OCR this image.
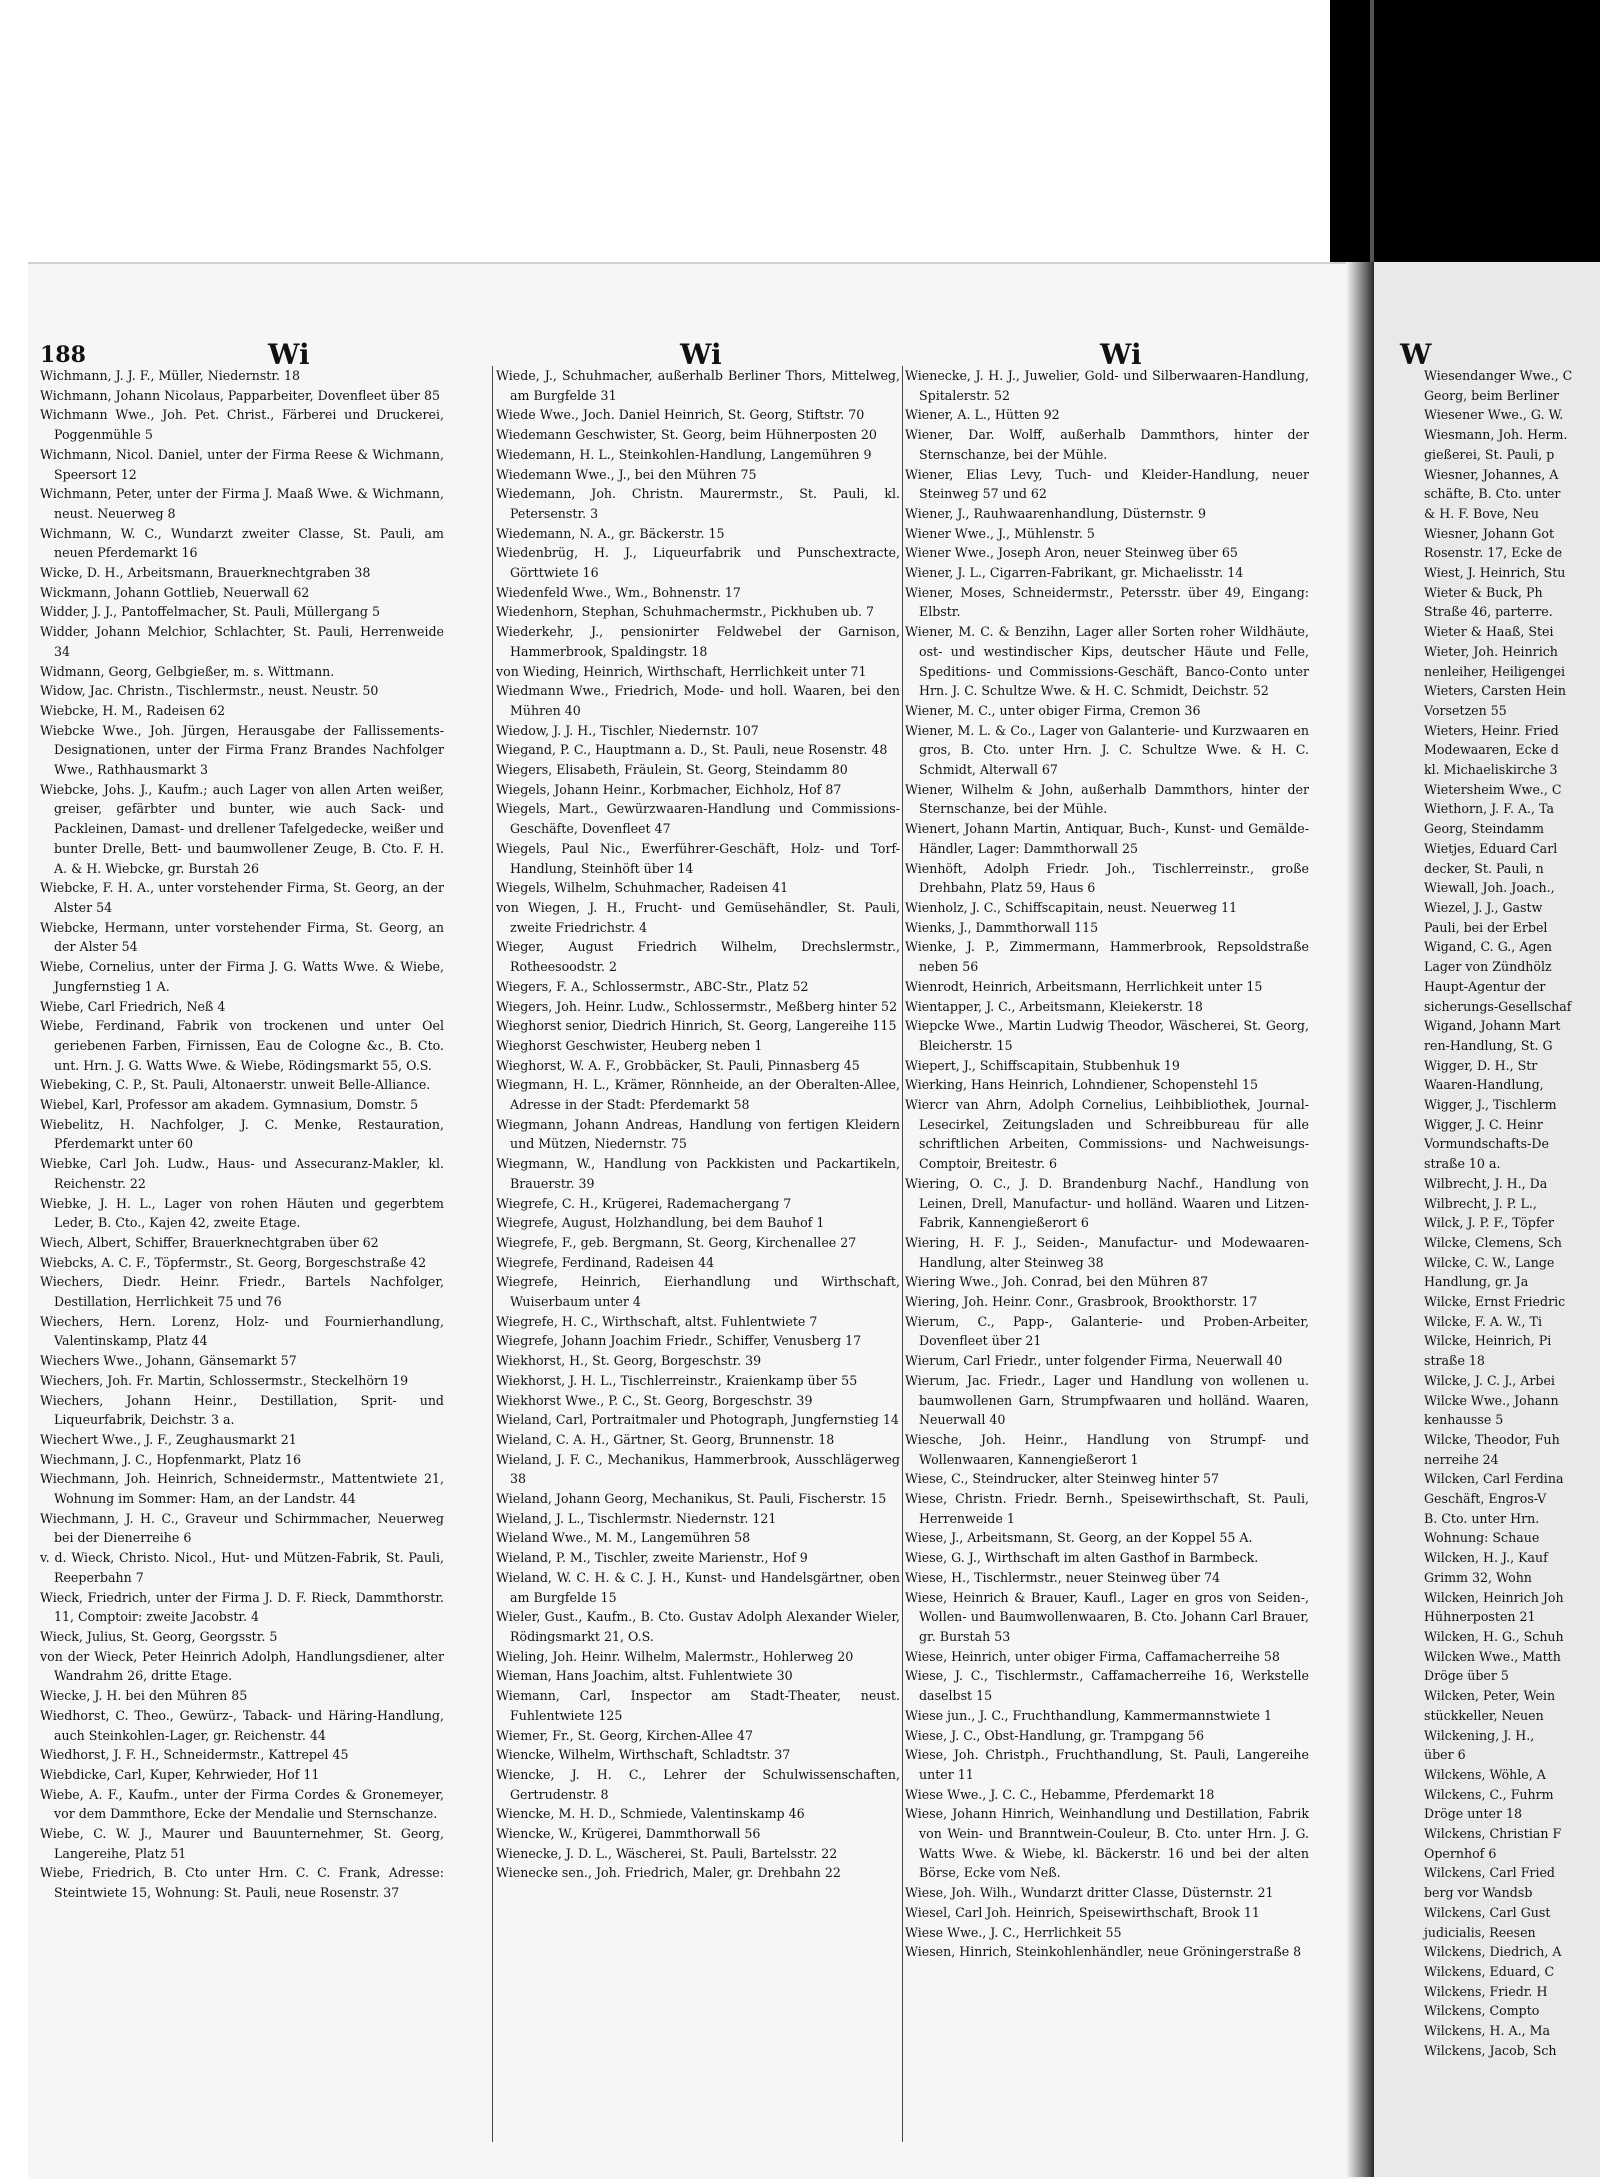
188	Wi	Wi	Wi

Wichmann, J. J. F., Müller, Niedernstr. 18

Wichmann, Johann Nicolaus, Papparbeiter, Dovenfleet über 85

Wichmann Wwe., Joh. Pet. Christ., Färberei und Druckerei, Poggenmühle 5

Wichmann, Nicol. Daniel, unter der Firma Reese & Wichmann, Speersort 12

Wichmann, Peter, unter der Firma J. Maaß Wwe. & Wichmann, neust. Neuerweg 8

Wichmann, W. C., Wundarzt zweiter Classe, St. Pauli, am neuen Pferdemarkt 16

Wicke, D. H., Arbeitsmann, Brauerknechtgraben 38

Wickmann, Johann Gottlieb, Neuerwall 62

Widder, J. J., Pantoffelmacher, St. Pauli, Müllergang 5

Widder, Johann Melchior, Schlachter, St. Pauli, Herrenweide 34

Widmann, Georg, Gelbgießer, m. s. Wittmann.

Widow, Jac. Christn., Tischlermstr., neust. Neustr. 50

Wiebcke, H. M., Radeisen 62

Wiebcke Wwe., Joh. Jürgen, Herausgabe der Fallissements-Designationen, unter der Firma Franz Brandes Nachfolger Wwe., Rathhausmarkt 3

Wiebcke, Johs. J., Kaufm.; auch Lager von allen Arten weißer, greiser, gefärbter und bunter, wie auch Sack- und Packleinen, Damast- und drellener Tafelgedecke, weißer und bunter Drelle, Bett- und baumwollener Zeuge, B. Cto. F. H. A. & H. Wiebcke, gr. Burstah 26

Wiebcke, F. H. A., unter vorstehender Firma, St. Georg, an der Alster 54

Wiebcke, Hermann, unter vorstehender Firma, St. Georg, an der Alster 54

Wiebe, Cornelius, unter der Firma J. G. Watts Wwe. & Wiebe, Jungfernstieg 1 A.

Wiebe, Carl Friedrich, Neß 4

Wiebe, Ferdinand, Fabrik von trockenen und unter Oel geriebenen Farben, Firnissen, Eau de Cologne &c., B. Cto. unt. Hrn. J. G. Watts Wwe. & Wiebe, Rödingsmarkt 55, O.S.

Wiebeking, C. P., St. Pauli, Altonaerstr. unweit Belle-Alliance.

Wiebel, Karl, Professor am akadem. Gymnasium, Domstr. 5

Wiebelitz, H. Nachfolger, J. C. Menke, Restauration, Pferdemarkt unter 60

Wiebke, Carl Joh. Ludw., Haus- und Assecuranz-Makler, kl. Reichenstr. 22

Wiebke, J. H. L., Lager von rohen Häuten und gegerbtem Leder, B. Cto., Kajen 42, zweite Etage.

Wiech, Albert, Schiffer, Brauerknechtgraben über 62

Wiebcks, A. C. F., Töpfermstr., St. Georg, Borgeschstraße 42

Wiechers, Diedr. Heinr. Friedr., Bartels Nachfolger, Destillation, Herrlichkeit 75 und 76

Wiechers, Hern. Lorenz, Holz- und Fournierhandlung, Valentinskamp, Platz 44

Wiechers Wwe., Johann, Gänsemarkt 57

Wiechers, Joh. Fr. Martin, Schlossermstr., Steckelhörn 19

Wiechers, Johann Heinr., Destillation, Sprit- und Liqueurfabrik, Deichstr. 3 a.

Wiechert Wwe., J. F., Zeughausmarkt 21

Wiechmann, J. C., Hopfenmarkt, Platz 16

Wiechmann, Joh. Heinrich, Schneidermstr., Mattentwiete 21, Wohnung im Sommer: Ham, an der Landstr. 44

Wiechmann, J. H. C., Graveur und Schirmmacher, Neuerweg bei der Dienerreihe 6

v. d. Wieck, Christo. Nicol., Hut- und Mützen-Fabrik, St. Pauli, Reeperbahn 7

Wieck, Friedrich, unter der Firma J. D. F. Rieck, Dammthorstr. 11, Comptoir: zweite Jacobstr. 4

Wieck, Julius, St. Georg, Georgsstr. 5

von der Wieck, Peter Heinrich Adolph, Handlungsdiener, alter Wandrahm 26, dritte Etage.

Wiecke, J. H. bei den Mühren 85

Wiedhorst, C. Theo., Gewürz-, Taback- und Häring-Handlung, auch Steinkohlen-Lager, gr. Reichenstr. 44

Wiedhorst, J. F. H., Schneidermstr., Kattrepel 45

Wiebdicke, Carl, Kuper, Kehrwieder, Hof 11

Wiebe, A. F., Kaufm., unter der Firma Cordes & Gronemeyer, vor dem Dammthore, Ecke der Mendalie und Sternschanze.

Wiebe, C. W. J., Maurer und Bauunternehmer, St. Georg, Langereihe, Platz 51

Wiebe, Friedrich, B. Cto unter Hrn. C. C. Frank, Adresse: Steintwiete 15, Wohnung: St. Pauli, neue Rosenstr. 37

Wiede, J., Schuhmacher, außerhalb Berliner Thors, Mittelweg, am Burgfelde 31

Wiede Wwe., Joch. Daniel Heinrich, St. Georg, Stiftstr. 70

Wiedemann Geschwister, St. Georg, beim Hühnerposten 20

Wiedemann, H. L., Steinkohlen-Handlung, Langemühren 9

Wiedemann Wwe., J., bei den Mühren 75

Wiedemann, Joh. Christn. Maurermstr., St. Pauli, kl. Petersenstr. 3

Wiedemann, N. A., gr. Bäckerstr. 15

Wiedenbrüg, H. J., Liqueurfabrik und Punschextracte, Görttwiete 16

Wiedenfeld Wwe., Wm., Bohnenstr. 17

Wiedenhorn, Stephan, Schuhmachermstr., Pickhuben ub. 7

Wiederkehr, J., pensionirter Feldwebel der Garnison, Hammerbrook, Spaldingstr. 18

von Wieding, Heinrich, Wirthschaft, Herrlichkeit unter 71

Wiedmann Wwe., Friedrich, Mode- und holl. Waaren, bei den Mühren 40

Wiedow, J. J. H., Tischler, Niedernstr. 107

Wiegand, P. C., Hauptmann a. D., St. Pauli, neue Rosenstr. 48

Wiegers, Elisabeth, Fräulein, St. Georg, Steindamm 80

Wiegels, Johann Heinr., Korbmacher, Eichholz, Hof 87

Wiegels, Mart., Gewürzwaaren-Handlung und Commissions-Geschäfte, Dovenfleet 47

Wiegels, Paul Nic., Ewerführer-Geschäft, Holz- und Torf-Handlung, Steinhöft über 14

Wiegels, Wilhelm, Schuhmacher, Radeisen 41

von Wiegen, J. H., Frucht- und Gemüsehändler, St. Pauli, zweite Friedrichstr. 4

Wieger, August Friedrich Wilhelm, Drechslermstr., Rotheesoodstr. 2

Wiegers, F. A., Schlossermstr., ABC-Str., Platz 52

Wiegers, Joh. Heinr. Ludw., Schlossermstr., Meßberg hinter 52

Wieghorst senior, Diedrich Hinrich, St. Georg, Langereihe 115

Wieghorst Geschwister, Heuberg neben 1

Wieghorst, W. A. F., Grobbäcker, St. Pauli, Pinnasberg 45

Wiegmann, H. L., Krämer, Rönnheide, an der Oberalten-Allee, Adresse in der Stadt: Pferdemarkt 58

Wiegmann, Johann Andreas, Handlung von fertigen Kleidern und Mützen, Niedernstr. 75

Wiegmann, W., Handlung von Packkisten und Packartikeln, Brauerstr. 39

Wiegrefe, C. H., Krügerei, Rademachergang 7

Wiegrefe, August, Holzhandlung, bei dem Bauhof 1

Wiegrefe, F., geb. Bergmann, St. Georg, Kirchenallee 27

Wiegrefe, Ferdinand, Radeisen 44

Wiegrefe, Heinrich, Eierhandlung und Wirthschaft, Wuiserbaum unter 4

Wiegrefe, H. C., Wirthschaft, altst. Fuhlentwiete 7

Wiegrefe, Johann Joachim Friedr., Schiffer, Venusberg 17

Wiekhorst, H., St. Georg, Borgeschstr. 39

Wiekhorst, J. H. L., Tischlerreinstr., Kraienkamp über 55

Wiekhorst Wwe., P. C., St. Georg, Borgeschstr. 39

Wieland, Carl, Portraitmaler und Photograph, Jungfernstieg 14

Wieland, C. A. H., Gärtner, St. Georg, Brunnenstr. 18

Wieland, J. F. C., Mechanikus, Hammerbrook, Ausschlägerweg 38

Wieland, Johann Georg, Mechanikus, St. Pauli, Fischerstr. 15

Wieland, J. L., Tischlermstr. Niedernstr. 121

Wieland Wwe., M. M., Langemühren 58

Wieland, P. M., Tischler, zweite Marienstr., Hof 9

Wieland, W. C. H. & C. J. H., Kunst- und Handelsgärtner, oben am Burgfelde 15

Wieler, Gust., Kaufm., B. Cto. Gustav Adolph Alexander Wieler, Rödingsmarkt 21, O.S.

Wieling, Joh. Heinr. Wilhelm, Malermstr., Hohlerweg 20

Wieman, Hans Joachim, altst. Fuhlentwiete 30

Wiemann, Carl, Inspector am Stadt-Theater, neust. Fuhlentwiete 125

Wiemer, Fr., St. Georg, Kirchen-Allee 47

Wiencke, Wilhelm, Wirthschaft, Schladtstr. 37

Wiencke, J. H. C., Lehrer der Schulwissenschaften, Gertrudenstr. 8

Wiencke, M. H. D., Schmiede, Valentinskamp 46

Wiencke, W., Krügerei, Dammthorwall 56

Wienecke, J. D. L., Wäscherei, St. Pauli, Bartelsstr. 22

Wienecke sen., Joh. Friedrich, Maler, gr. Drehbahn 22

Wienecke, J. H. J., Juwelier, Gold- und Silberwaaren-Handlung, Spitalerstr. 52

Wiener, A. L., Hütten 92

Wiener, Dar. Wolff, außerhalb Dammthors, hinter der Sternschanze, bei der Mühle.

Wiener, Elias Levy, Tuch- und Kleider-Handlung, neuer Steinweg 57 und 62

Wiener, J., Rauhwaarenhandlung, Düsternstr. 9

Wiener Wwe., J., Mühlenstr. 5

Wiener Wwe., Joseph Aron, neuer Steinweg über 65

Wiener, J. L., Cigarren-Fabrikant, gr. Michaelisstr. 14

Wiener, Moses, Schneidermstr., Petersstr. über 49, Eingang: Elbstr.

Wiener, M. C. & Benzihn, Lager aller Sorten roher Wildhäute, ost- und westindischer Kips, deutscher Häute und Felle, Speditions- und Commissions-Geschäft, Banco-Conto unter Hrn. J. C. Schultze Wwe. & H. C. Schmidt, Deichstr. 52

Wiener, M. C., unter obiger Firma, Cremon 36

Wiener, M. L. & Co., Lager von Galanterie- und Kurzwaaren en gros, B. Cto. unter Hrn. J. C. Schultze Wwe. & H. C. Schmidt, Alterwall 67

Wiener, Wilhelm & John, außerhalb Dammthors, hinter der Sternschanze, bei der Mühle.

Wienert, Johann Martin, Antiquar, Buch-, Kunst- und Gemälde-Händler, Lager: Dammthorwall 25

Wienhöft, Adolph Friedr. Joh., Tischlerreinstr., große Drehbahn, Platz 59, Haus 6

Wienholz, J. C., Schiffscapitain, neust. Neuerweg 11

Wienks, J., Dammthorwall 115

Wienke, J. P., Zimmermann, Hammerbrook, Repsoldstraße neben 56

Wienrodt, Heinrich, Arbeitsmann, Herrlichkeit unter 15

Wientapper, J. C., Arbeitsmann, Kleiekerstr. 18

Wiepcke Wwe., Martin Ludwig Theodor, Wäscherei, St. Georg, Bleicherstr. 15

Wiepert, J., Schiffscapitain, Stubbenhuk 19

Wierking, Hans Heinrich, Lohndiener, Schopenstehl 15

Wiercr van Ahrn, Adolph Cornelius, Leihbibliothek, Journal-Lesecirkel, Zeitungsladen und Schreibbureau für alle schriftlichen Arbeiten, Commissions- und Nachweisungs-Comptoir, Breitestr. 6

Wiering, O. C., J. D. Brandenburg Nachf., Handlung von Leinen, Drell, Manufactur- und holländ. Waaren und Litzen-Fabrik, Kannengießerort 6

Wiering, H. F. J., Seiden-, Manufactur- und Modewaaren-Handlung, alter Steinweg 38

Wiering Wwe., Joh. Conrad, bei den Mühren 87

Wiering, Joh. Heinr. Conr., Grasbrook, Brookthorstr. 17

Wierum, C., Papp-, Galanterie- und Proben-Arbeiter, Dovenfleet über 21

Wierum, Carl Friedr., unter folgender Firma, Neuerwall 40

Wierum, Jac. Friedr., Lager und Handlung von wollenen u. baumwollenen Garn, Strumpfwaaren und holländ. Waaren, Neuerwall 40

Wiesche, Joh. Heinr., Handlung von Strumpf- und Wollenwaaren, Kannengießerort 1

Wiese, C., Steindrucker, alter Steinweg hinter 57

Wiese, Christn. Friedr. Bernh., Speisewirthschaft, St. Pauli, Herrenweide 1

Wiese, J., Arbeitsmann, St. Georg, an der Koppel 55 A.

Wiese, G. J., Wirthschaft im alten Gasthof in Barmbeck.

Wiese, H., Tischlermstr., neuer Steinweg über 74

Wiese, Heinrich & Brauer, Kaufl., Lager en gros von Seiden-, Wollen- und Baumwollenwaaren, B. Cto. Johann Carl Brauer, gr. Burstah 53

Wiese, Heinrich, unter obiger Firma, Caffamacherreihe 58

Wiese, J. C., Tischlermstr., Caffamacherreihe 16, Werkstelle daselbst 15

Wiese jun., J. C., Fruchthandlung, Kammermannstwiete 1

Wiese, J. C., Obst-Handlung, gr. Trampgang 56

Wiese, Joh. Christph., Fruchthandlung, St. Pauli, Langereihe unter 11

Wiese Wwe., J. C. C., Hebamme, Pferdemarkt 18

Wiese, Johann Hinrich, Weinhandlung und Destillation, Fabrik von Wein- und Branntwein-Couleur, B. Cto. unter Hrn. J. G. Watts Wwe. & Wiebe, kl. Bäckerstr. 16 und bei der alten Börse, Ecke vom Neß.

Wiese, Joh. Wilh., Wundarzt dritter Classe, Düsternstr. 21

Wiesel, Carl Joh. Heinrich, Speisewirthschaft, Brook 11

Wiese Wwe., J. C., Herrlichkeit 55

Wiesen, Hinrich, Steinkohlenhändler, neue Gröningerstraße 8

W
Wiesendanger Wwe., C
Georg, beim Berliner
Wiesener Wwe., G. W.
Wiesmann, Joh. Herm.
gießerei, St. Pauli, p
Wiesner, Johannes, A
schäfte, B. Cto. unter
& H. F. Bove, Neu
Wiesner, Johann Got
Rosenstr. 17, Ecke de
Wiest, J. Heinrich, Stu
Wieter & Buck, Ph
Straße 46, parterre.
Wieter & Haaß, Stei
Wieter, Joh. Heinrich
nenleiher, Heiligengei
Wieters, Carsten Hein
Vorsetzen 55
Wieters, Heinr. Fried
Modewaaren, Ecke d
kl. Michaeliskirche 3
Wietersheim Wwe., C
Wiethorn, J. F. A., Ta
Georg, Steindamm
Wietjes, Eduard Carl
decker, St. Pauli, n
Wiewall, Joh. Joach.,
Wiezel, J. J., Gastw
Pauli, bei der Erbel
Wigand, C. G., Agen
Lager von Zündhölz
Haupt-Agentur der
sicherungs-Gesellschaf
Wigand, Johann Mart
ren-Handlung, St. G
Wigger, D. H., Str
Waaren-Handlung,
Wigger, J., Tischlerm
Wigger, J. C. Heinr
Vormundschafts-De
straße 10 a.
Wilbrecht, J. H., Da
Wilbrecht, J. P. L.,
Wilck, J. P. F., Töpfer
Wilcke, Clemens, Sch
Wilcke, C. W., Lange
Handlung, gr. Ja
Wilcke, Ernst Friedric
Wilcke, F. A. W., Ti
Wilcke, Heinrich, Pi
straße 18
Wilcke, J. C. J., Arbei
Wilcke Wwe., Johann
kenhausse 5
Wilcke, Theodor, Fuh
nerreihe 24
Wilcken, Carl Ferdina
Geschäft, Engros-V
B. Cto. unter Hrn.
Wohnung: Schaue
Wilcken, H. J., Kauf
Grimm 32, Wohn
Wilcken, Heinrich Joh
Hühnerposten 21
Wilcken, H. G., Schuh
Wilcken Wwe., Matth
Dröge über 5
Wilcken, Peter, Wein
stückkeller, Neuen
Wilckening, J. H.,
über 6
Wilckens, Wöhle, A
Wilckens, C., Fuhrm
Dröge unter 18
Wilckens, Christian F
Opernhof 6
Wilckens, Carl Fried
berg vor Wandsb
Wilckens, Carl Gust
judicialis, Reesen
Wilckens, Diedrich, A
Wilckens, Eduard, C
Wilckens, Friedr. H
Wilckens, Compto
Wilckens, H. A., Ma
Wilckens, Jacob, Sch
